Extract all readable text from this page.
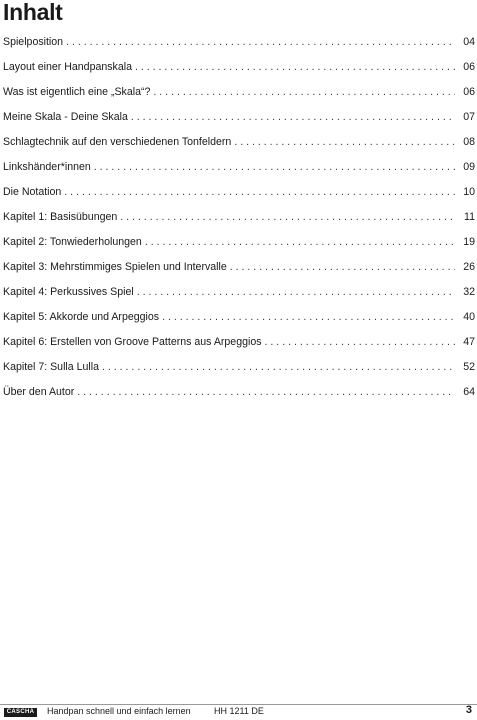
Inhalt
Spielposition . . .	04
Layout einer Handpanskala . . .	06
Was ist eigentlich eine „Skala“? . . .	06
Meine Skala - Deine Skala . . .	07
Schlagtechnik auf den verschiedenen Tonfeldern . . .	08
Linkshänder*innen . . .	09
Die Notation . . .	10
Kapitel 1: Basisübungen . . .	11
Kapitel 2: Tonwiederholungen . . .	19
Kapitel 3: Mehrstimmiges Spielen und Intervalle . . .	26
Kapitel 4: Perkussives Spiel . . .	32
Kapitel 5: Akkorde und Arpeggios . . .	40
Kapitel 6: Erstellen von Groove Patterns aus Arpeggios . . .	47
Kapitel 7: Sulla Lulla . . .	52
Über den Autor . . .	64
CASCHA	Handpan schnell und einfach lernen	HH 1211 DE	3
